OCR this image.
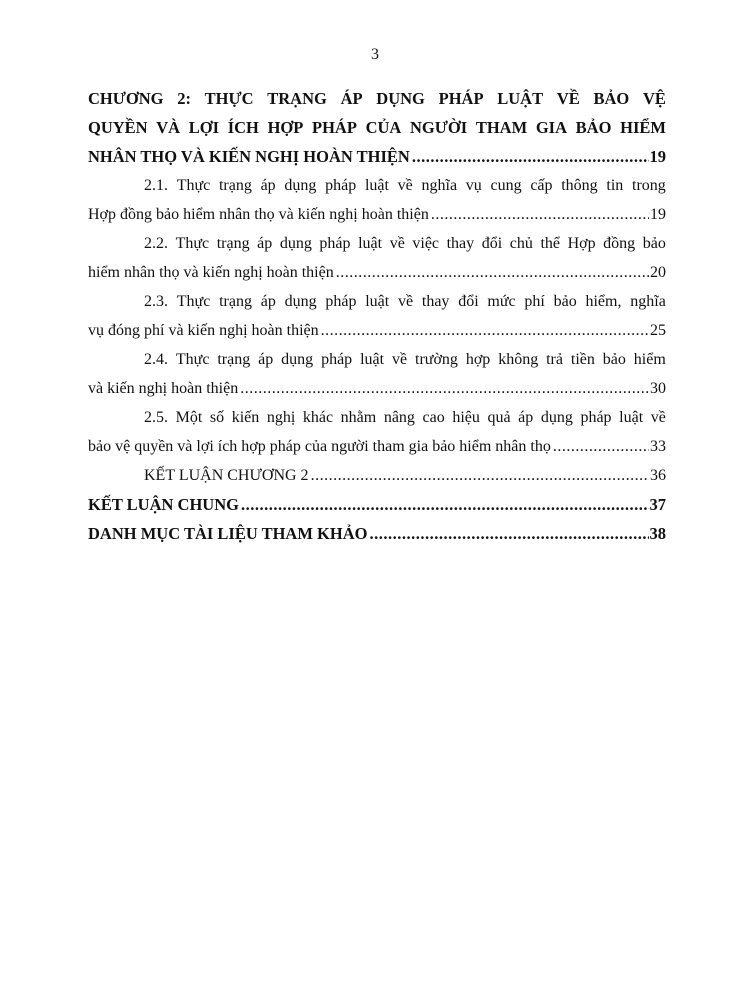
3
CHƯƠNG 2: THỰC TRẠNG ÁP DỤNG PHÁP LUẬT VỀ BẢO VỆ
QUYỀN VÀ LỢI ÍCH HỢP PHÁP CỦA NGƯỜI THAM GIA BẢO HIỂM
NHÂN THỌ VÀ KIẾN NGHỊ HOÀN THIỆN .....	19
2.1. Thực trạng áp dụng pháp luật về nghĩa vụ cung cấp thông tin trong
Hợp đồng bảo hiểm nhân thọ và kiến nghị hoàn thiện .....	19
2.2. Thực trạng áp dụng pháp luật về việc thay đổi chủ thể Hợp đồng bảo
hiểm nhân thọ và kiến nghị hoàn thiện .....	20
2.3. Thực trạng áp dụng pháp luật về thay đổi mức phí bảo hiểm, nghĩa
vụ đóng phí và kiến nghị hoàn thiện .....	25
2.4. Thực trạng áp dụng pháp luật về trường hợp không trả tiền bảo hiểm
và kiến nghị hoàn thiện .....	30
2.5. Một số kiến nghị khác nhằm nâng cao hiệu quả áp dụng pháp luật về
bảo vệ quyền và lợi ích hợp pháp của người tham gia bảo hiểm nhân thọ .....	33
KẾT LUẬN CHƯƠNG 2 .....	36
KẾT LUẬN CHUNG .....	37
DANH MỤC TÀI LIỆU THAM KHẢO .....	38
